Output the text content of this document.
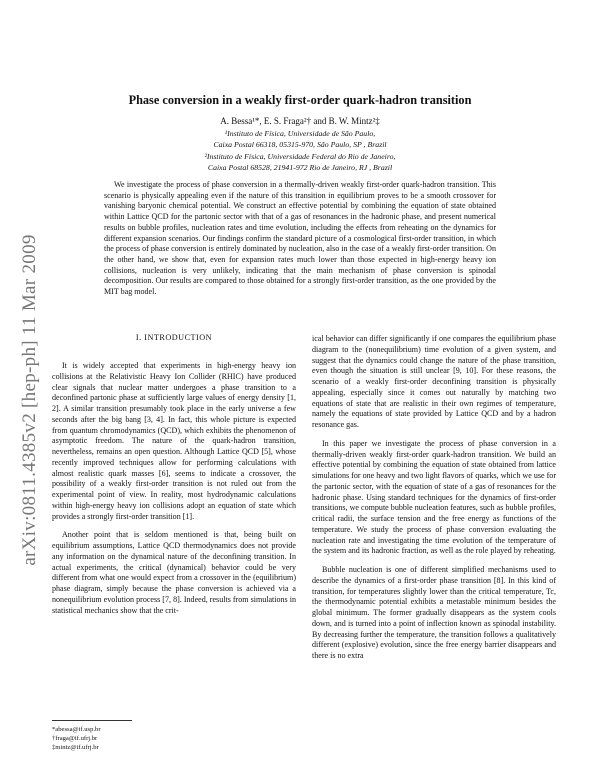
arXiv:0811.4385v2 [hep-ph] 11 Mar 2009
Phase conversion in a weakly first-order quark-hadron transition
A. Bessa¹*, E. S. Fraga²† and B. W. Mintz²‡
¹Instituto de Física, Universidade de São Paulo,
Caixa Postal 66318, 05315-970, São Paulo, SP , Brazil
²Instituto de Física, Universidade Federal do Rio de Janeiro,
Caixa Postal 68528, 21941-972 Rio de Janeiro, RJ , Brazil

We investigate the process of phase conversion in a thermally-driven weakly first-order quark-hadron transition. This scenario is physically appealing even if the nature of this transition in equilibrium proves to be a smooth crossover for vanishing baryonic chemical potential. We construct an effective potential by combining the equation of state obtained within Lattice QCD for the partonic sector with that of a gas of resonances in the hadronic phase, and present numerical results on bubble profiles, nucleation rates and time evolution, including the effects from reheating on the dynamics for different expansion scenarios. Our findings confirm the standard picture of a cosmological first-order transition, in which the process of phase conversion is entirely dominated by nucleation, also in the case of a weakly first-order transition. On the other hand, we show that, even for expansion rates much lower than those expected in high-energy heavy ion collisions, nucleation is very unlikely, indicating that the main mechanism of phase conversion is spinodal decomposition. Our results are compared to those obtained for a strongly first-order transition, as the one provided by the MIT bag model.

I. INTRODUCTION

It is widely accepted that experiments in high-energy heavy ion collisions at the Relativistic Heavy Ion Collider (RHIC) have produced clear signals that nuclear matter undergoes a phase transition to a deconfined partonic phase at sufficiently large values of energy density [1, 2]. A similar transition presumably took place in the early universe a few seconds after the big bang [3, 4]. In fact, this whole picture is expected from quantum chromodynamics (QCD), which exhibits the phenomenon of asymptotic freedom. The nature of the quark-hadron transition, nevertheless, remains an open question. Although Lattice QCD [5], whose recently improved techniques allow for performing calculations with almost realistic quark masses [6], seems to indicate a crossover, the possibility of a weakly first-order transition is not ruled out from the experimental point of view. In reality, most hydrodynamic calculations within high-energy heavy ion collisions adopt an equation of state which provides a strongly first-order transition [1].

Another point that is seldom mentioned is that, being built on equilibrium assumptions, Lattice QCD thermodynamics does not provide any information on the dynamical nature of the deconfining transition. In actual experiments, the critical (dynamical) behavior could be very different from what one would expect from a crossover in the (equilibrium) phase diagram, simply because the phase conversion is achieved via a nonequilibrium evolution process [7, 8]. Indeed, results from simulations in statistical mechanics show that the crit-

ical behavior can differ significantly if one compares the equilibrium phase diagram to the (nonequilibrium) time evolution of a given system, and suggest that the dynamics could change the nature of the phase transition, even though the situation is still unclear [9, 10]. For these reasons, the scenario of a weakly first-order deconfining transition is physically appealing, especially since it comes out naturally by matching two equations of state that are realistic in their own regimes of temperature, namely the equations of state provided by Lattice QCD and by a hadron resonance gas.

In this paper we investigate the process of phase conversion in a thermally-driven weakly first-order quark-hadron transition. We build an effective potential by combining the equation of state obtained from lattice simulations for one heavy and two light flavors of quarks, which we use for the partonic sector, with the equation of state of a gas of resonances for the hadronic phase. Using standard techniques for the dynamics of first-order transitions, we compute bubble nucleation features, such as bubble profiles, critical radii, the surface tension and the free energy as functions of the temperature. We study the process of phase conversion evaluating the nucleation rate and investigating the time evolution of the temperature of the system and its hadronic fraction, as well as the role played by reheating.

Bubble nucleation is one of different simplified mechanisms used to describe the dynamics of a first-order phase transition [8]. In this kind of transition, for temperatures slightly lower than the critical temperature, Tc, the thermodynamic potential exhibits a metastable minimum besides the global minimum. The former gradually disappears as the system cools down, and is turned into a point of inflection known as spinodal instability. By decreasing further the temperature, the transition follows a qualitatively different (explosive) evolution, since the free energy barrier disappears and there is no extra

*abessa@if.usp.br
†fraga@if.ufrj.br
‡mintz@if.ufrj.br
